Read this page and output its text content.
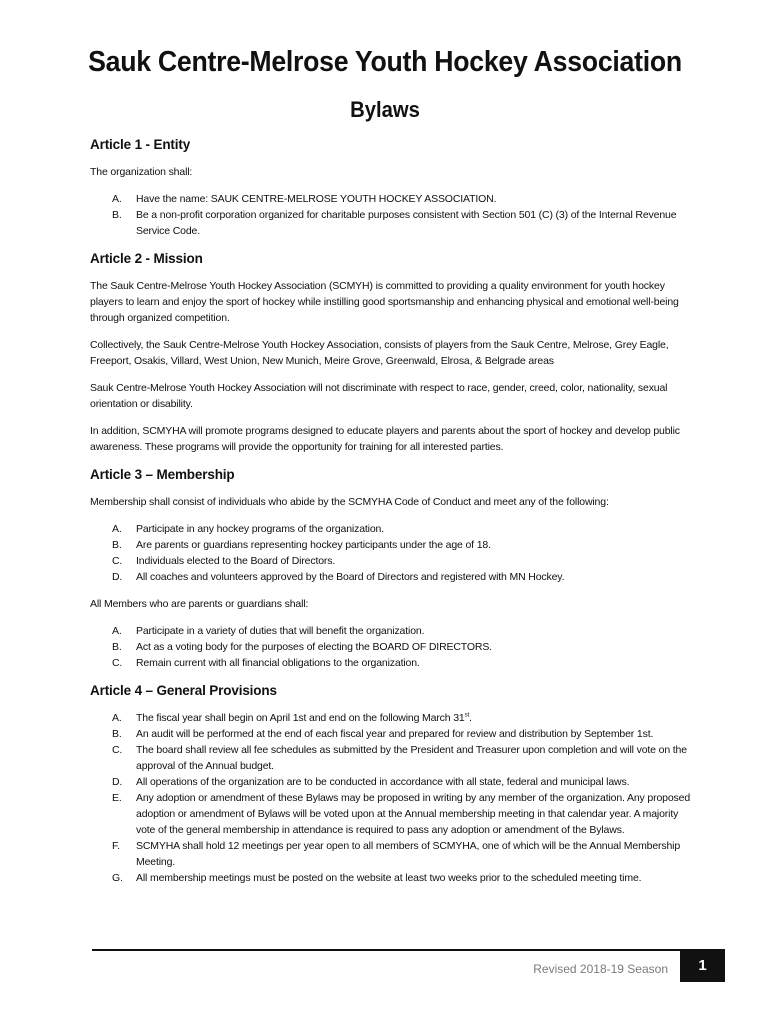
Sauk Centre-Melrose Youth Hockey Association
Bylaws
Article 1 - Entity
The organization shall:
A.	Have the name: SAUK CENTRE-MELROSE YOUTH HOCKEY ASSOCIATION.
B.	Be a non-profit corporation organized for charitable purposes consistent with Section 501 (C) (3) of the Internal Revenue Service Code.
Article 2 - Mission
The Sauk Centre-Melrose Youth Hockey Association (SCMYH) is committed to providing a quality environment for youth hockey players to learn and enjoy the sport of hockey while instilling good sportsmanship and enhancing physical and emotional well-being through organized competition.
Collectively, the Sauk Centre-Melrose Youth Hockey Association, consists of players from the Sauk Centre, Melrose, Grey Eagle, Freeport, Osakis, Villard, West Union, New Munich, Meire Grove, Greenwald, Elrosa, & Belgrade areas
Sauk Centre-Melrose Youth Hockey Association will not discriminate with respect to race, gender, creed, color, nationality, sexual orientation or disability.
In addition, SCMYHA will promote programs designed to educate players and parents about the sport of hockey and develop public awareness. These programs will provide the opportunity for training for all interested parties.
Article 3 – Membership
Membership shall consist of individuals who abide by the SCMYHA Code of Conduct and meet any of the following:
A.	Participate in any hockey programs of the organization.
B.	Are parents or guardians representing hockey participants under the age of 18.
C.	Individuals elected to the Board of Directors.
D.	All coaches and volunteers approved by the Board of Directors and registered with MN Hockey.
All Members who are parents or guardians shall:
A.	Participate in a variety of duties that will benefit the organization.
B.	Act as a voting body for the purposes of electing the BOARD OF DIRECTORS.
C.	Remain current with all financial obligations to the organization.
Article 4 – General Provisions
A.	The fiscal year shall begin on April 1st and end on the following March 31st.
B.	An audit will be performed at the end of each fiscal year and prepared for review and distribution by September 1st.
C.	The board shall review all fee schedules as submitted by the President and Treasurer upon completion and will vote on the approval of the Annual budget.
D.	All operations of the organization are to be conducted in accordance with all state, federal and municipal laws.
E.	Any adoption or amendment of these Bylaws may be proposed in writing by any member of the organization. Any proposed adoption or amendment of Bylaws will be voted upon at the Annual membership meeting in that calendar year. A majority vote of the general membership in attendance is required to pass any adoption or amendment of the Bylaws.
F.	SCMYHA shall hold 12 meetings per year open to all members of SCMYHA, one of which will be the Annual Membership Meeting.
G.	All membership meetings must be posted on the website at least two weeks prior to the scheduled meeting time.
Revised 2018-19 Season	1
